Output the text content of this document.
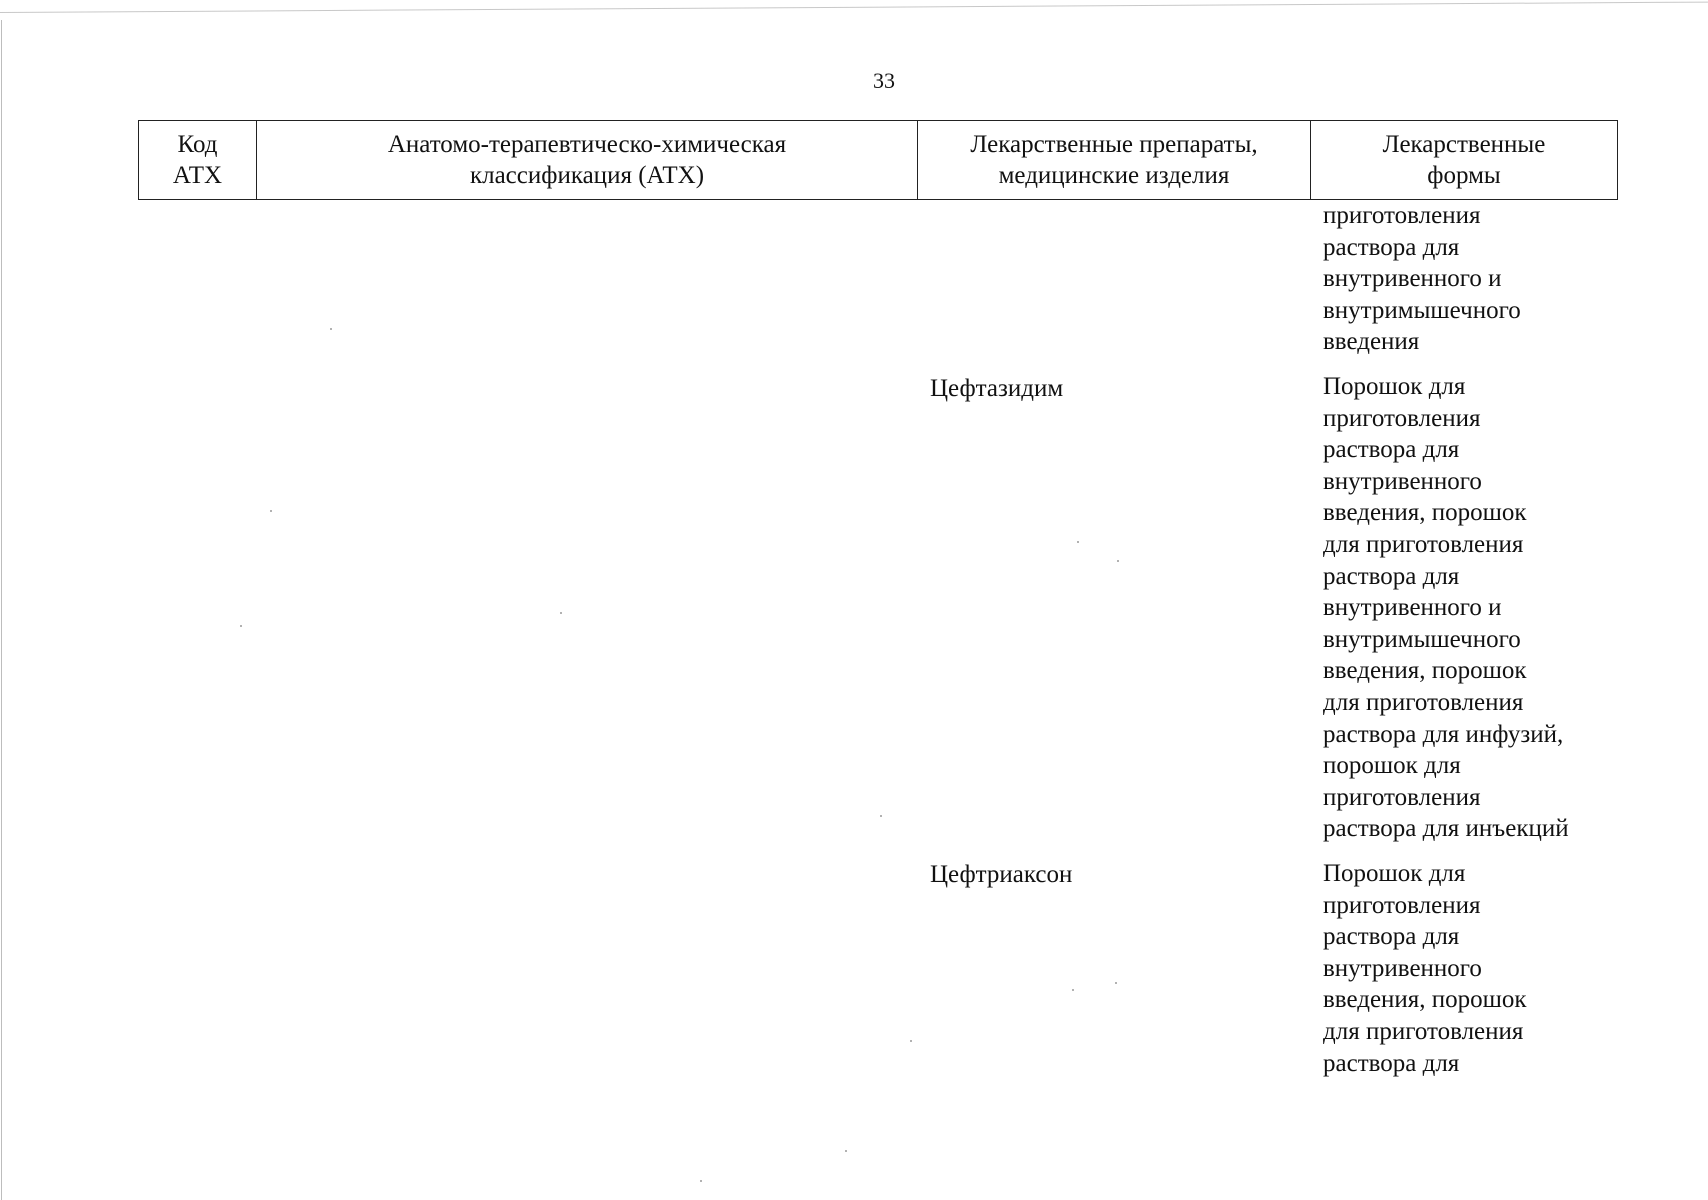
33
Код
АТХ
Анатомо-терапевтическо-химическая
классификация (АТХ)
Лекарственные препараты,
медицинские изделия
Лекарственные
формы
приготовления
раствора для
внутривенного и
внутримышечного
введения
Цефтазидим	Порошок для
приготовления
раствора для
внутривенного
введения, порошок
для приготовления
раствора для
внутривенного и
внутримышечного
введения, порошок
для приготовления
раствора для инфузий,
порошок для
приготовления
раствора для инъекций
Цефтриаксон	Порошок для
приготовления
раствора для
внутривенного
введения, порошок
для приготовления
раствора для
